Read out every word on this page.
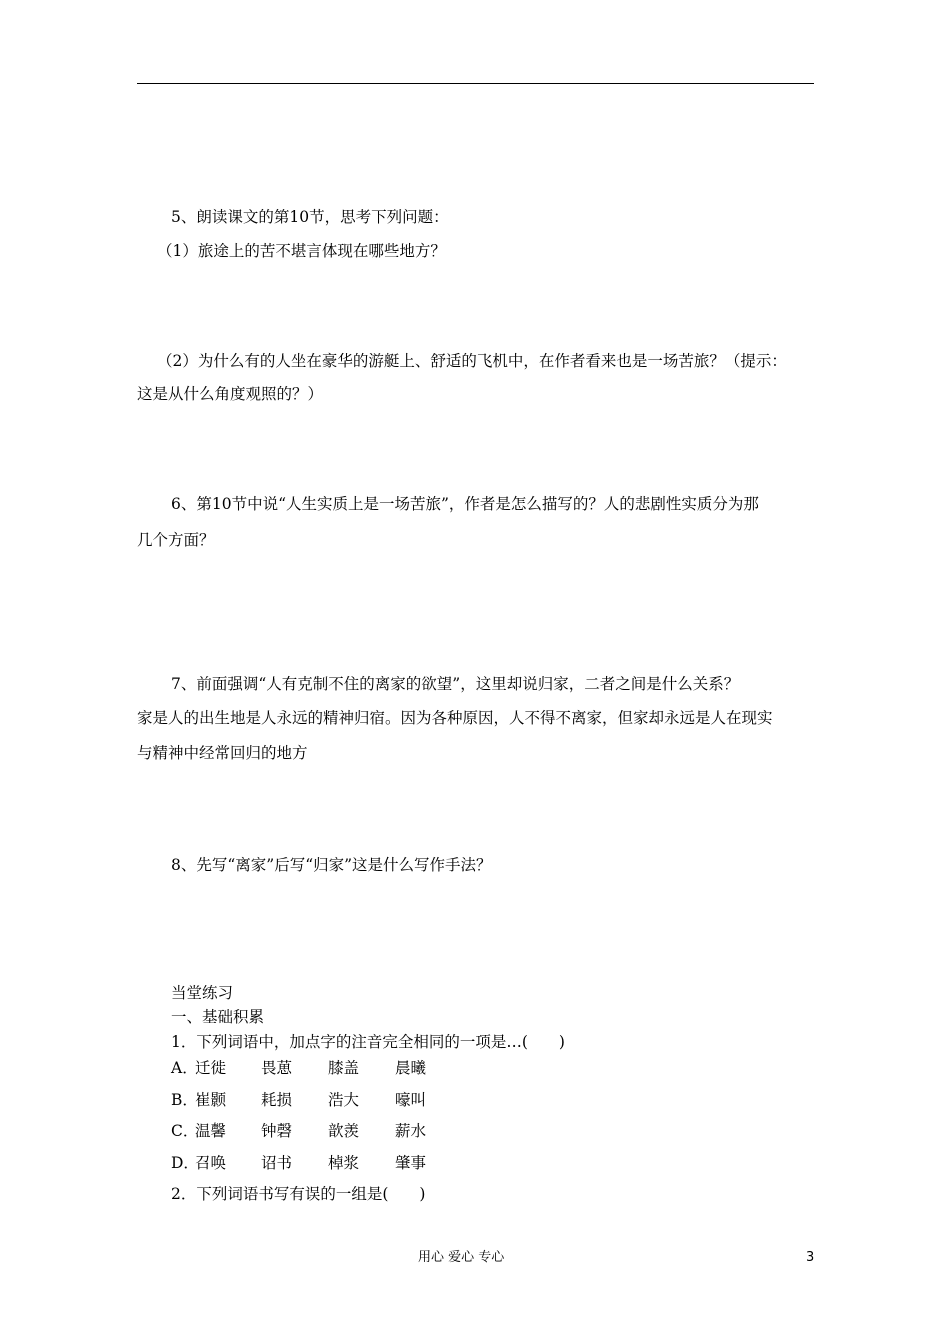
5、朗读课文的第10节，思考下列问题：
（1）旅途上的苦不堪言体现在哪些地方？
（2）为什么有的人坐在豪华的游艇上、舒适的飞机中，在作者看来也是一场苦旅？（提示：
这是从什么角度观照的？）
6、第10节中说“人生实质上是一场苦旅”，作者是怎么描写的？人的悲剧性实质分为那
几个方面？
7、前面强调“人有克制不住的离家的欲望”，这里却说归家，二者之间是什么关系？
家是人的出生地是人永远的精神归宿。因为各种原因，人不得不离家，但家却永远是人在现实
与精神中经常回归的地方
8、先写“离家”后写“归家”这是什么写作手法？
当堂练习
一、基础积累
1．下列词语中，加点字的注音完全相同的一项是…(　　)
A．
迁徙 畏葸 膝盖 晨曦
B．
崔颢 耗损 浩大 嚎叫
C．
温馨 钟磬 歆羡 薪水
D．
召唤 诏书 棹浆 肇事
2．下列词语书写有误的一组是(　　)
用心 爱心 专心	3
